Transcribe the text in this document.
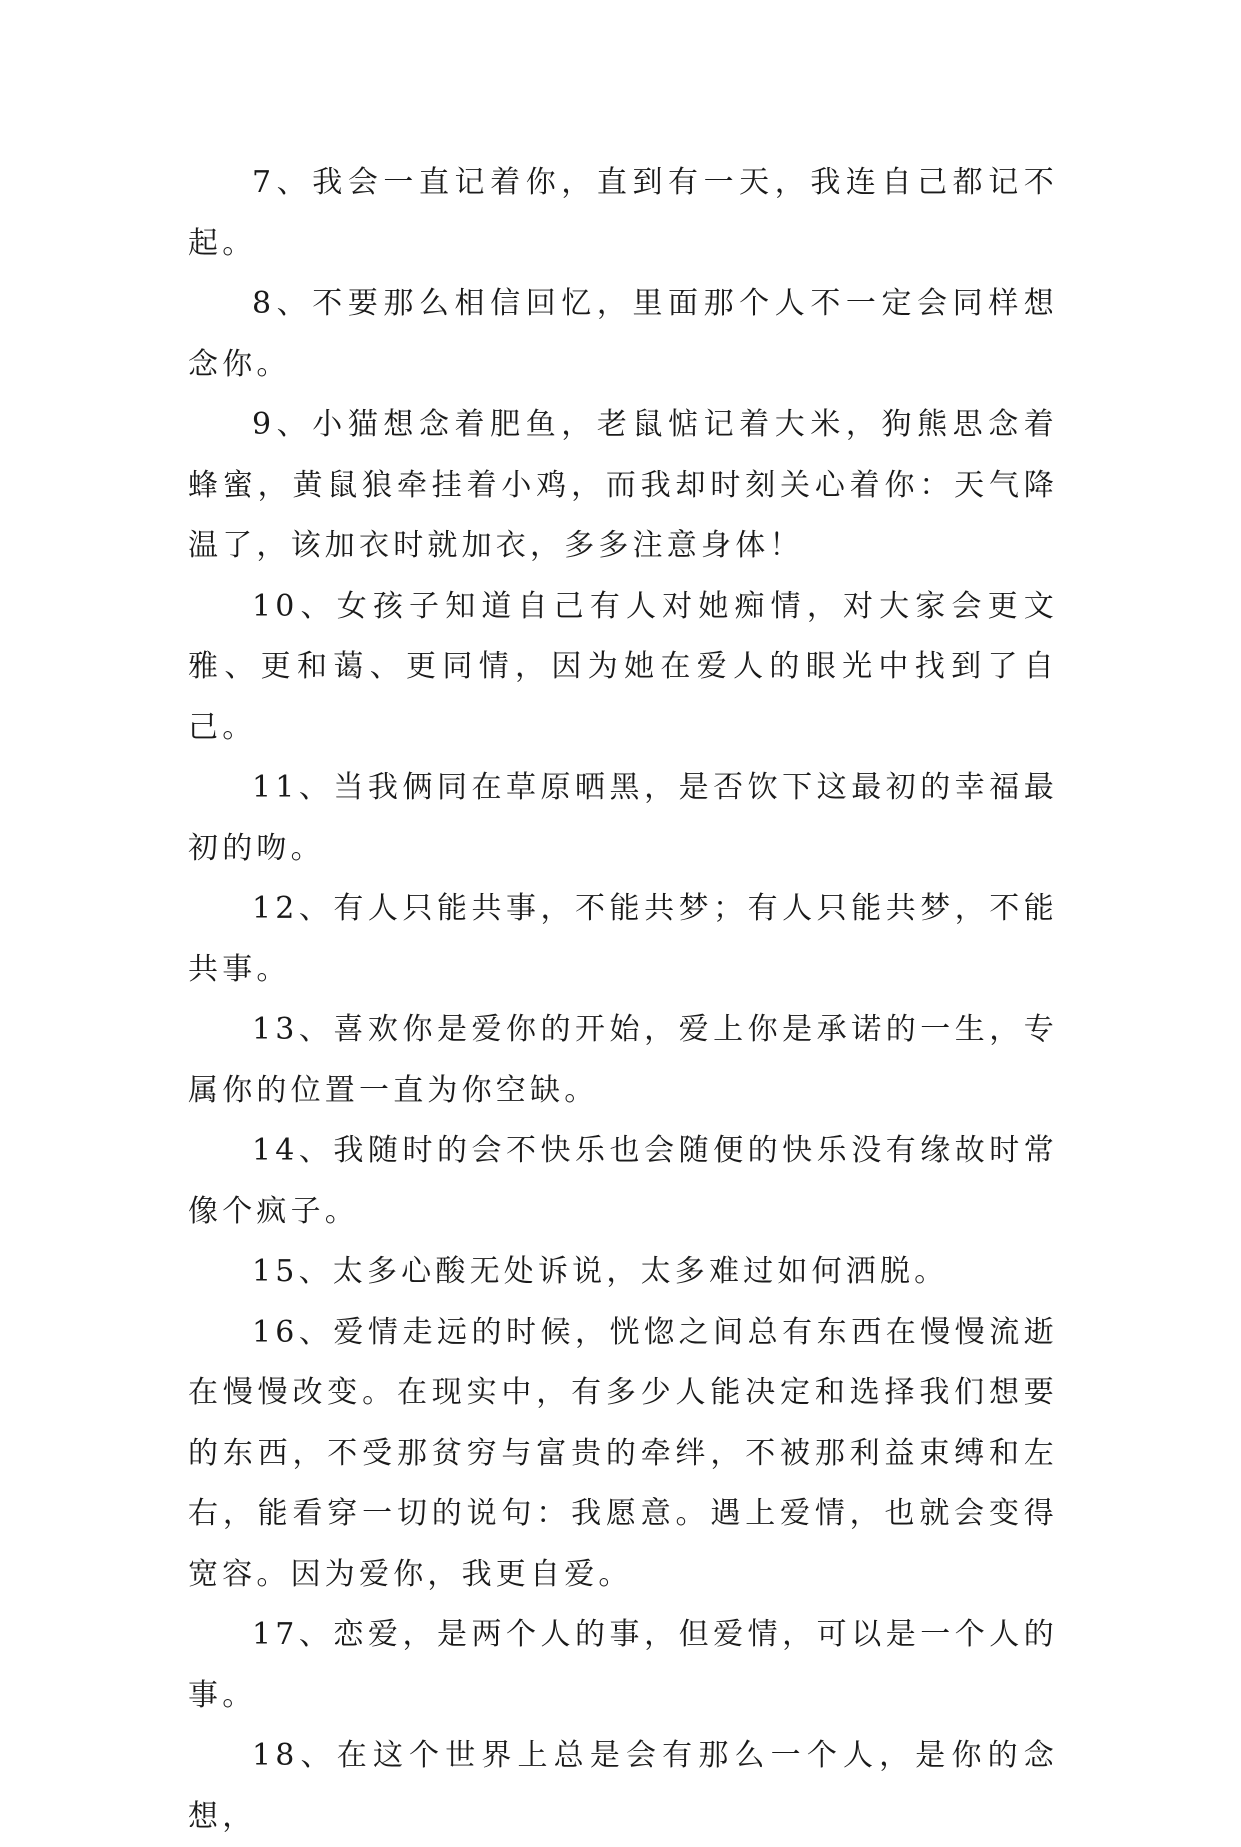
7、我会一直记着你，直到有一天，我连自己都记不起。

8、不要那么相信回忆，里面那个人不一定会同样想念你。

9、小猫想念着肥鱼，老鼠惦记着大米，狗熊思念着蜂蜜，黄鼠狼牵挂着小鸡，而我却时刻关心着你：天气降温了，该加衣时就加衣，多多注意身体！

10、女孩子知道自己有人对她痴情，对大家会更文雅、更和蔼、更同情，因为她在爱人的眼光中找到了自己。

11、当我俩同在草原晒黑，是否饮下这最初的幸福最初的吻。

12、有人只能共事，不能共梦；有人只能共梦，不能共事。

13、喜欢你是爱你的开始，爱上你是承诺的一生，专属你的位置一直为你空缺。

14、我随时的会不快乐也会随便的快乐没有缘故时常像个疯子。

15、太多心酸无处诉说，太多难过如何洒脱。

16、爱情走远的时候，恍惚之间总有东西在慢慢流逝在慢慢改变。在现实中，有多少人能决定和选择我们想要的东西，不受那贫穷与富贵的牵绊，不被那利益束缚和左右，能看穿一切的说句：我愿意。遇上爱情，也就会变得宽容。因为爱你，我更自爱。

17、恋爱，是两个人的事，但爱情，可以是一个人的事。

18、在这个世界上总是会有那么一个人，是你的念想，
